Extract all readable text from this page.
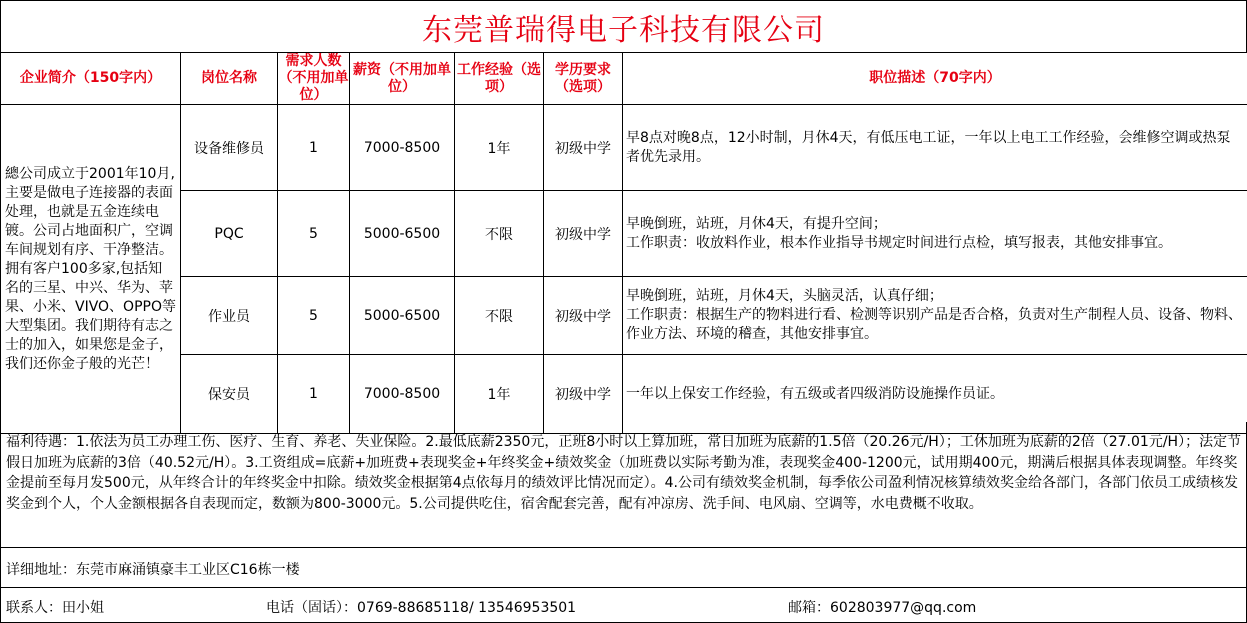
东莞普瑞得电子科技有限公司
企业简介（150字内）	岗位名称	需求人数（不用加单位）	薪资（不用加单位）	工作经验（选项）	学历要求（选项）	职位描述（70字内）
總公司成立于2001年10月,主要是做电子连接器的表面处理，也就是五金连续电镀。公司占地面积广，空调车间规划有序、干净整洁。拥有客户100多家,包括知名的三星、中兴、华为、苹果、小米、VIVO、OPPO等大型集团。我们期待有志之士的加入，如果您是金子，我们还你金子般的光芒！	设备维修员	1	7000-8500	1年	初级中学	早8点对晚8点，12小时制，月休4天，有低压电工证，一年以上电工工作经验，会维修空调或热泵者优先录用。
	PQC	5	5000-6500	不限	初级中学	早晚倒班，站班，月休4天，有提升空间；
工作职责：收放料作业，根本作业指导书规定时间进行点检，填写报表，其他安排事宜。
	作业员	5	5000-6500	不限	初级中学	早晚倒班，站班，月休4天，头脑灵活，认真仔细；
工作职责：根据生产的物料进行看、检测等识别产品是否合格，负责对生产制程人员、设备、物料、作业方法、环境的稽查，其他安排事宜。
	保安员	1	7000-8500	1年	初级中学	一年以上保安工作经验，有五级或者四级消防设施操作员证。
福利待遇：1.依法为员工办理工伤、医疗、生育、养老、失业保险。2.最低底薪2350元，正班8小时以上算加班，常日加班为底薪的1.5倍（20.26元/H）；工休加班为底薪的2倍（27.01元/H）；法定节假日加班为底薪的3倍（40.52元/H）。3.工资组成=底薪+加班费+表现奖金+年终奖金+绩效奖金（加班费以实际考勤为准，表现奖金400-1200元，试用期400元，期满后根据具体表现调整。年终奖金提前至每月发500元，从年终合计的年终奖金中扣除。绩效奖金根据第4点依每月的绩效评比情况而定）。4.公司有绩效奖金机制，每季依公司盈利情况核算绩效奖金给各部门，各部门依员工成绩核发奖金到个人，个人金额根据各自表现而定，数额为800-3000元。5.公司提供吃住，宿舍配套完善，配有冲凉房、洗手间、电风扇、空调等，水电费概不收取。
详细地址：东莞市麻涌镇豪丰工业区C16栋一楼
联系人：田小姐	电话（固话）：0769-88685118/ 13546953501	邮箱：602803977@qq.com
